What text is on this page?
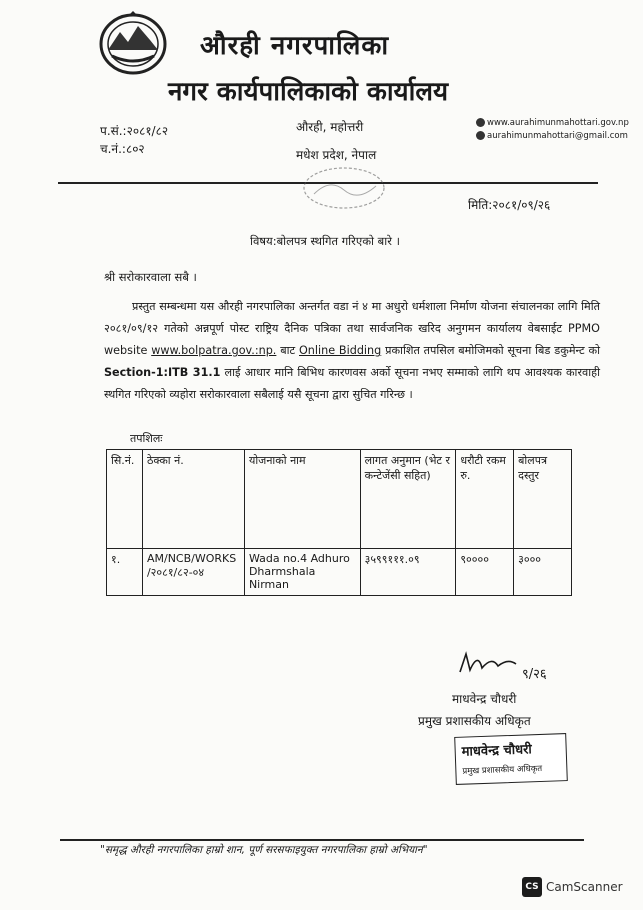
औरही नगरपालिका
नगर कार्यपालिकाको कार्यालय
प.सं.:२०८१/८२
च.नं.:८०२
औरही, महोत्तरी
मधेश प्रदेश, नेपाल
www.aurahimunmahottari.gov.np
aurahimunmahottari@gmail.com
मिति:२०८१/०९/२६
विषय:बोलपत्र स्थगित गरिएको बारे ।
श्री सरोकारवाला सबै ।
प्रस्तुत सम्बन्धमा यस औरही नगरपालिका अन्तर्गत वडा नं ४ मा अधुरो धर्मशाला निर्माण योजना संचालनका लागि मिति २०८१/०९/१२ गतेको अन्नपूर्ण पोस्ट राष्ट्रिय दैनिक पत्रिका तथा सार्वजनिक खरिद अनुगमन कार्यालय वेबसाईट PPMO website www.bolpatra.gov.:np. बाट Online Bidding प्रकाशित तपसिल बमोजिमको सूचना बिड डकुमेन्ट को Section-1:ITB 31.1 लाई आधार मानि बिभिध कारणवस अर्को सूचना नभए सम्माको लागि थप आवश्यक कारवाही स्थगित गरिएको व्यहोरा सरोकारवाला सबैलाई यसै सूचना द्वारा सुचित गरिन्छ ।
तपशिलः
सि.नं.	ठेक्का नं.	योजनाको नाम	लागत अनुमान (भेट र कन्टेजेंसी सहित)	धरौटी रकम रु.	बोलपत्र दस्तुर
१.	AM/NCB/WORKS /२०८१/८२-०४	Wada no.4 Adhuro Dharmshala Nirman	३५९९१११.०९	९००००	३०००
९/२६
माधवेन्द्र चौधरी
प्रमुख प्रशासकीय अधिकृत
माधवेन्द्र चौधरी
प्रमुख प्रशासकीय अधिकृत
"समृद्ध औरही नगरपालिका हाम्रो शान, पूर्ण सरसफाइयुक्त नगरपालिका हाम्रो अभियान"
CS CamScanner
